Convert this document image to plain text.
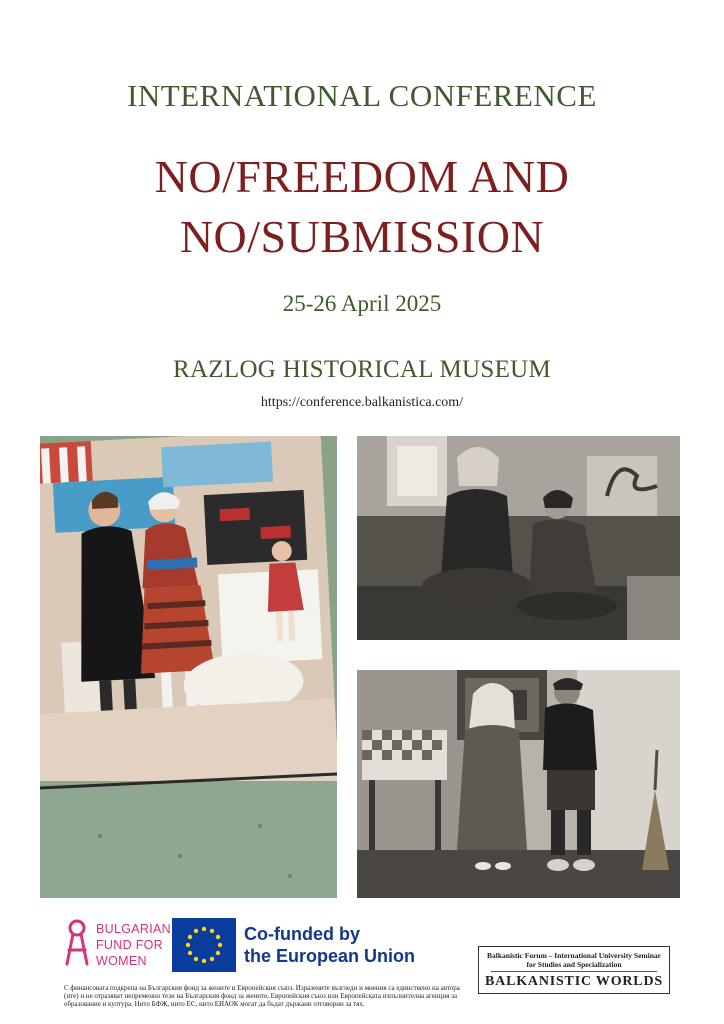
INTERNATIONAL CONFERENCE
NO/FREEDOM AND
NO/SUBMISSION
25-26 April 2025
RAZLOG HISTORICAL MUSEUM
https://conference.balkanistica.com/
BULGARIAN
FUND FOR
WOMEN
Co-funded by
the European Union
С финансовата подкрепа на Българския фонд за жените и Европейския съюз. Изразените възгледи и мнения са единствено на автора (ите) и не отразяват непременно тези на Българския фонд за жените, Европейския съюз или Европейската изпълнителна агенция за образование и култура. Нито БФЖ, нито ЕС, нито ЕИАОК могат да бъдат държани отговорни за тях.
Balkanistic Forum – International University Seminar
for Studies and Specialization
BALKANISTIC WORLDS
